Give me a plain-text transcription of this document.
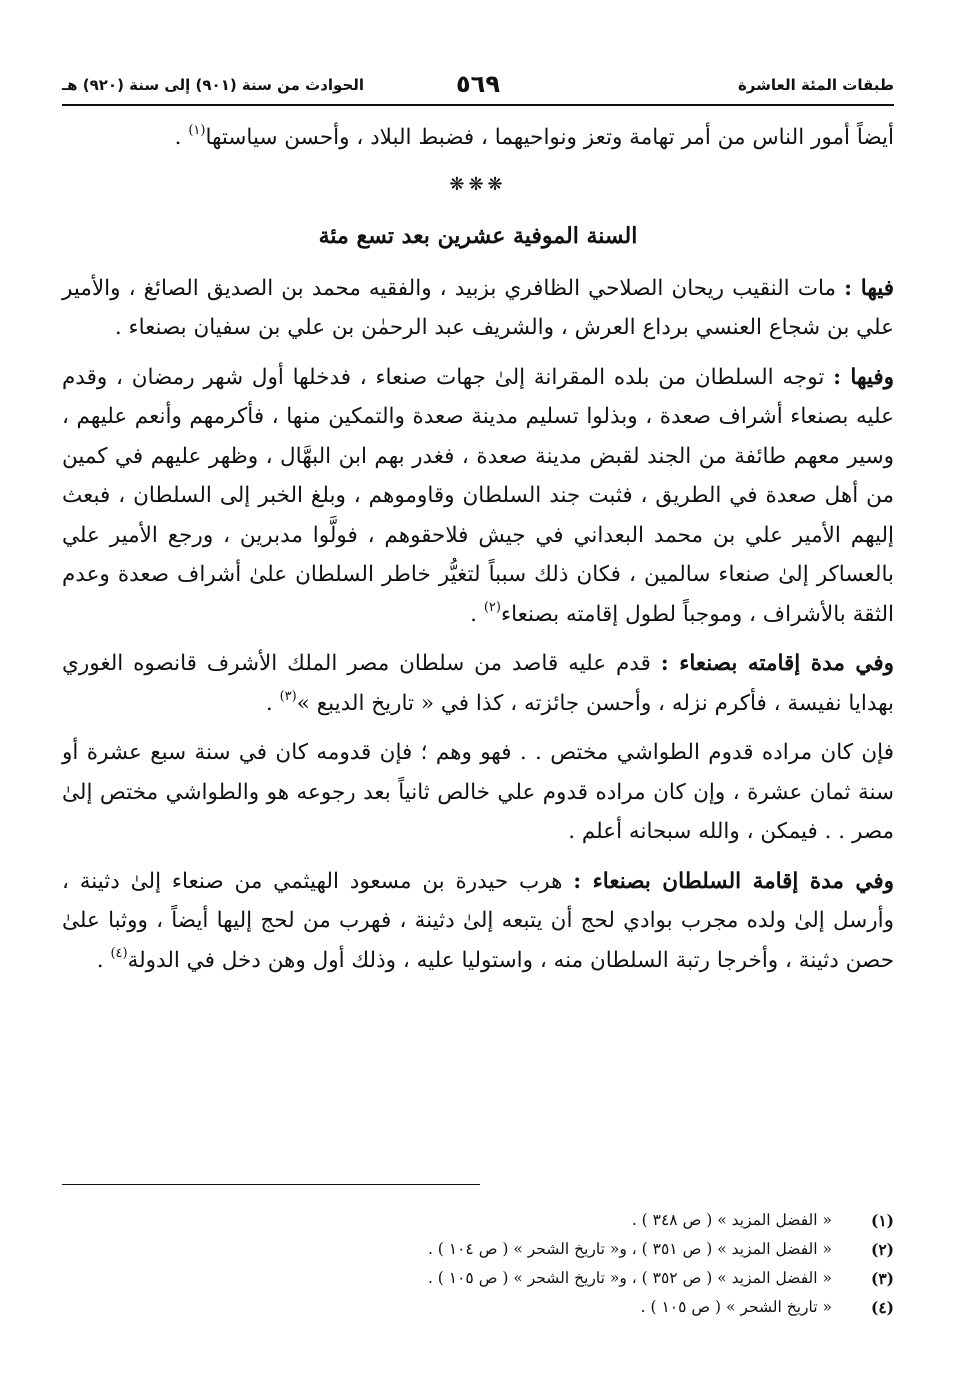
طبقات المئة العاشرة
٥٦٩
الحوادث من سنة (٩٠١) إلى سنة (٩٢٠) هـ

أيضاً أمور الناس من أمر تهامة وتعز ونواحيهما ، فضبط البلاد ، وأحسن سياستها$^{(١)}$ .

❋❋❋
السنة الموفية عشرين بعد تسع مئة

فيها : مات النقيب ريحان الصلاحي الظافري بزبيد ، والفقيه محمد بن الصديق الصائغ ، والأمير علي بن شجاع العنسي برداع العرش ، والشريف عبد الرحمٰن بن علي بن سفيان بصنعاء .

وفيها : توجه السلطان من بلده المقرانة إلىٰ جهات صنعاء ، فدخلها أول شهر رمضان ، وقدم عليه بصنعاء أشراف صعدة ، وبذلوا تسليم مدينة صعدة والتمكين منها ، فأكرمهم وأنعم عليهم ، وسير معهم طائفة من الجند لقبض مدينة صعدة ، فغدر بهم ابن البهَّال ، وظهر عليهم في كمين من أهل صعدة في الطريق ، فثبت جند السلطان وقاوموهم ، وبلغ الخبر إلى السلطان ، فبعث إليهم الأمير علي بن محمد البعداني في جيش فلاحقوهم ، فولَّوا مدبرين ، ورجع الأمير علي بالعساكر إلىٰ صنعاء سالمين ، فكان ذلك سبباً لتغيُّر خاطر السلطان علىٰ أشراف صعدة وعدم الثقة بالأشراف ، وموجباً لطول إقامته بصنعاء$^{(٢)}$ .

وفي مدة إقامته بصنعاء : قدم عليه قاصد من سلطان مصر الملك الأشرف قانصوه الغوري بهدايا نفيسة ، فأكرم نزله ، وأحسن جائزته ، كذا في « تاريخ الديبع »$^{(٣)}$ .

فإن كان مراده قدوم الطواشي مختص . . فهو وهم ؛ فإن قدومه كان في سنة سبع عشرة أو سنة ثمان عشرة ، وإن كان مراده قدوم علي خالص ثانياً بعد رجوعه هو والطواشي مختص إلىٰ مصر . . فيمكن ، والله سبحانه أعلم .

وفي مدة إقامة السلطان بصنعاء : هرب حيدرة بن مسعود الهيثمي من صنعاء إلىٰ دثينة ، وأرسل إلىٰ ولده مجرب بوادي لحج أن يتبعه إلىٰ دثينة ، فهرب من لحج إليها أيضاً ، ووثبا علىٰ حصن دثينة ، وأخرجا رتبة السلطان منه ، واستوليا عليه ، وذلك أول وهن دخل في الدولة$^{(٤)}$ .

(١)
« الفضل المزيد » ( ص ٣٤٨ ) .
(٢)
« الفضل المزيد » ( ص ٣٥١ ) ، و« تاريخ الشحر » ( ص ١٠٤ ) .
(٣)
« الفضل المزيد » ( ص ٣٥٢ ) ، و« تاريخ الشحر » ( ص ١٠٥ ) .
(٤)
« تاريخ الشحر » ( ص ١٠٥ ) .
